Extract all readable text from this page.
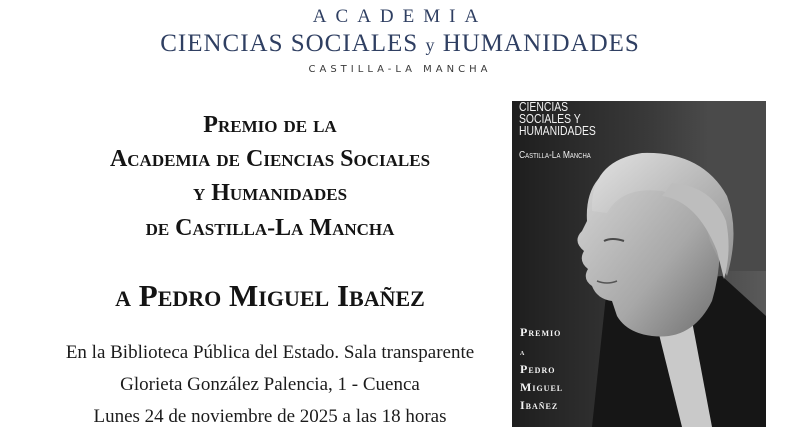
ACADEMIA
CIENCIAS SOCIALES y HUMANIDADES
CASTILLA-LA MANCHA
Premio de la
Academia de Ciencias Sociales
y Humanidades
de Castilla-La Mancha
a Pedro Miguel Ibañez
En la Biblioteca Pública del Estado. Sala transparente
Glorieta González Palencia, 1 - Cuenca
Lunes 24 de noviembre de 2025 a las 18 horas
CIENCIAS
SOCIALES Y
HUMANIDADES
Castilla-La Mancha
Premio
a
Pedro
Miguel
Ibañez
